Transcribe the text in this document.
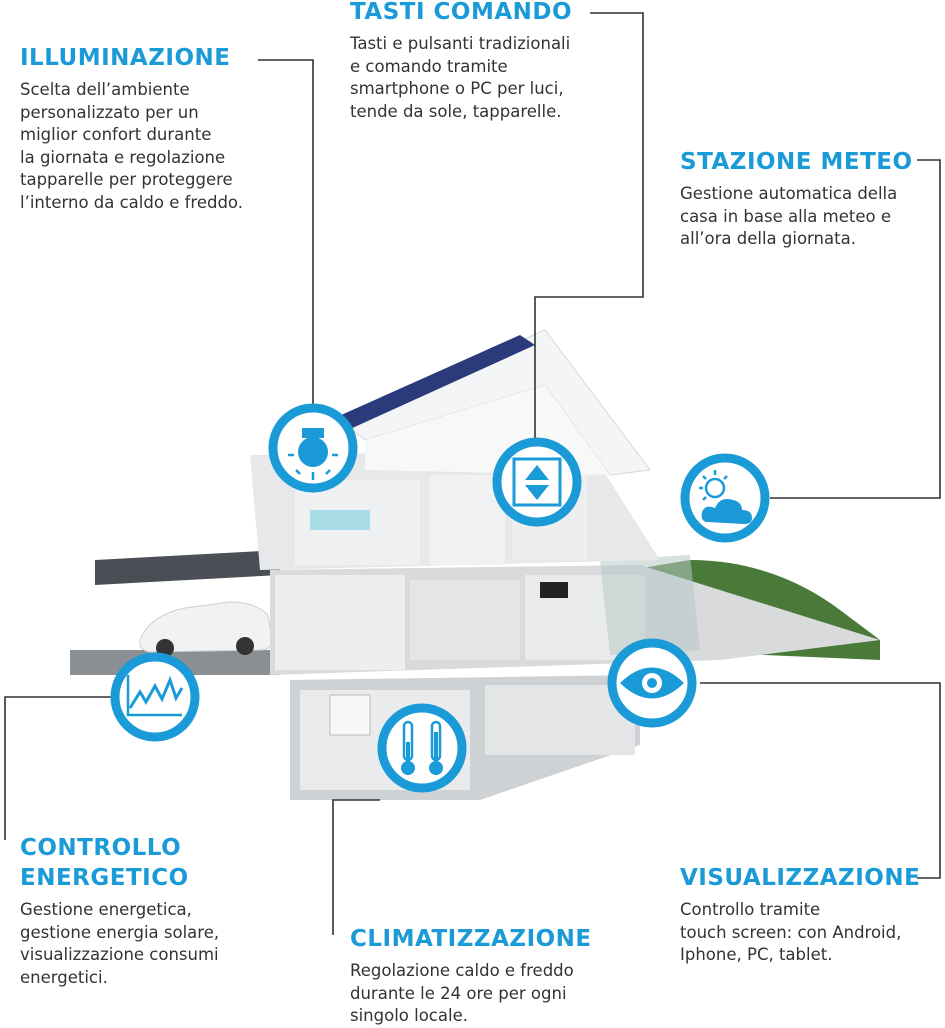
ILLUMINAZIONE
Scelta dell’ambiente
personalizzato per un
miglior confort durante
la giornata e regolazione
tapparelle per proteggere
l’interno da caldo e freddo.
TASTI COMANDO
Tasti e pulsanti tradizionali
e comando tramite
smartphone o PC per luci,
tende da sole, tapparelle.
STAZIONE METEO
Gestione automatica della
casa in base alla meteo e
all’ora della giornata.
CONTROLLO
ENERGETICO
Gestione energetica,
gestione energia solare,
visualizzazione consumi
energetici.
CLIMATIZZAZIONE
Regolazione caldo e freddo
durante le 24 ore per ogni
singolo locale.
VISUALIZZAZIONE
Controllo tramite
touch screen: con Android,
Iphone, PC, tablet.
